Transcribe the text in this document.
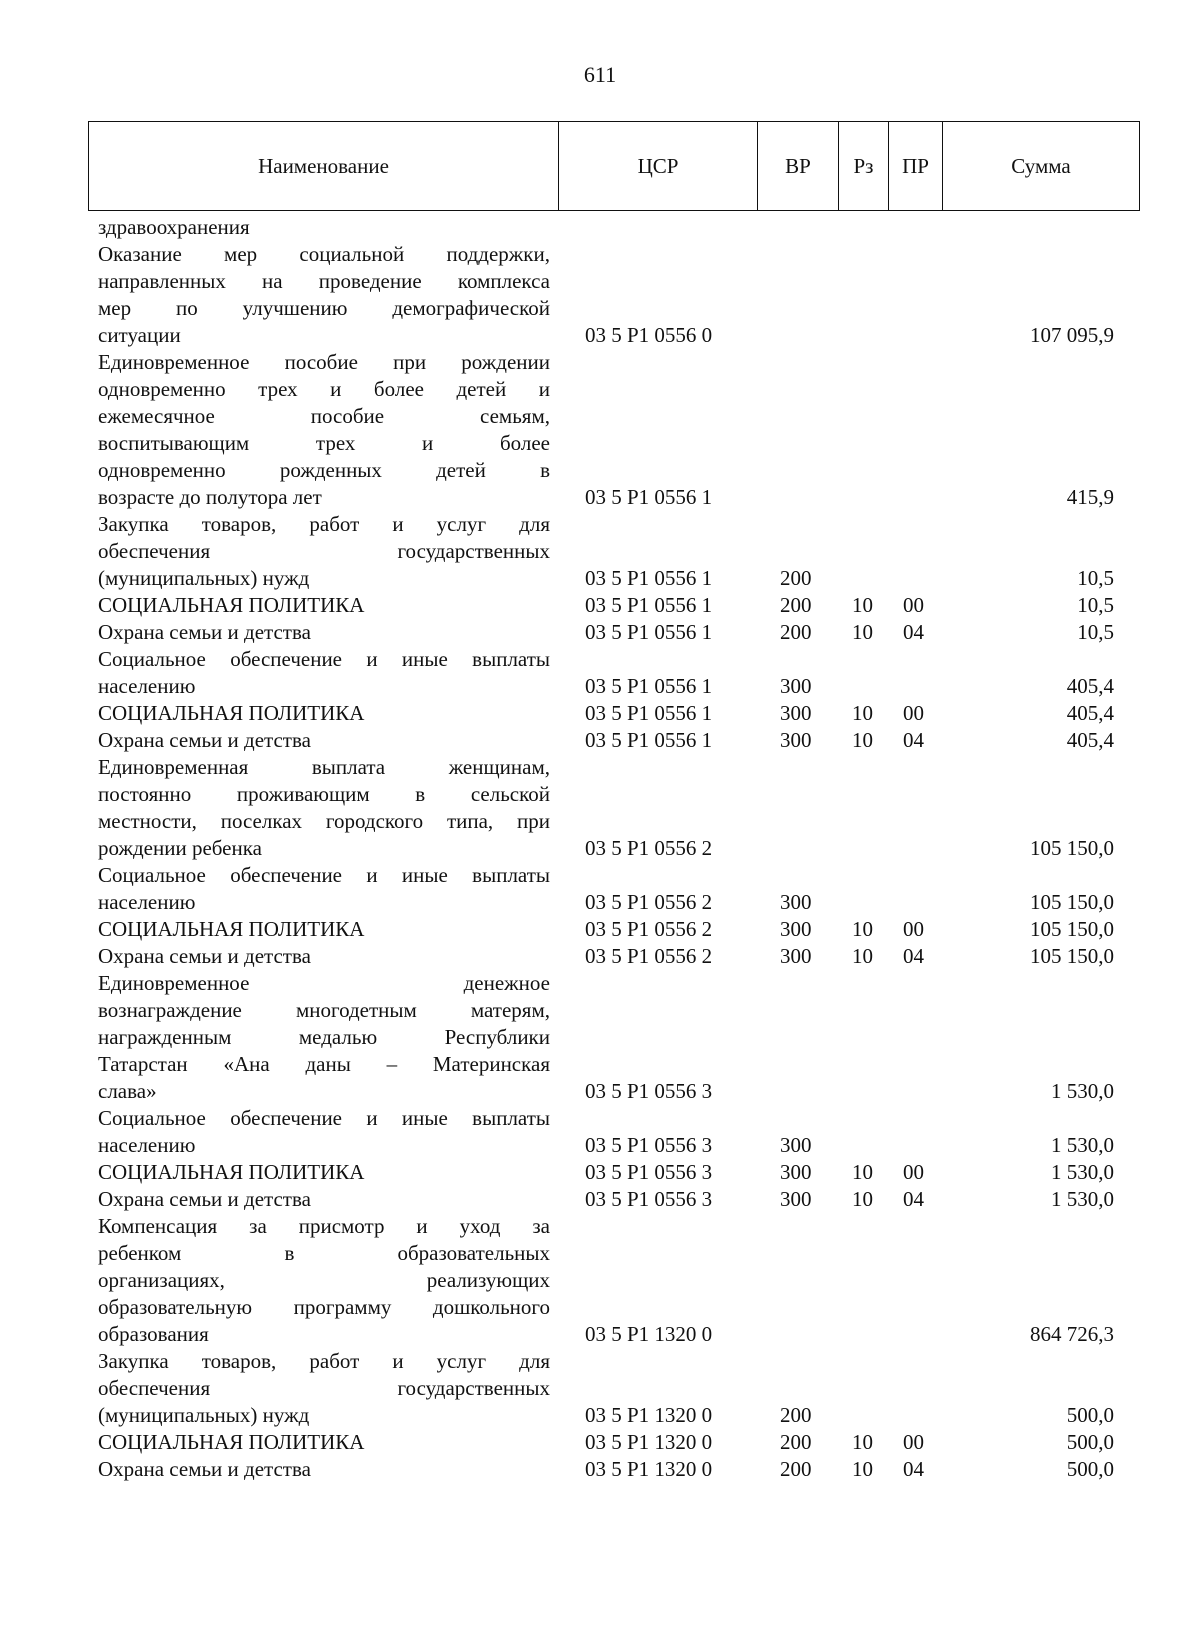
611
Наименование	ЦСР	ВР	Рз	ПР	Сумма
здравоохранения
Оказание мер социальной поддержки,
направленных на проведение комплекса
мер по улучшению демографической
ситуации	03 5 Р1 0556 0	107 095,9
Единовременное пособие при рождении
одновременно трех и более детей и
ежемесячное пособие семьям,
воспитывающим трех и более
одновременно рожденных детей в
возрасте до полутора лет	03 5 Р1 0556 1	415,9
Закупка товаров, работ и услуг для
обеспечения государственных
(муниципальных) нужд	03 5 Р1 0556 1	200	10,5
СОЦИАЛЬНАЯ ПОЛИТИКА	03 5 Р1 0556 1	200 10 00	10,5
Охрана семьи и детства	03 5 Р1 0556 1	200 10 04	10,5
Социальное обеспечение и иные выплаты
населению	03 5 Р1 0556 1	300	405,4
СОЦИАЛЬНАЯ ПОЛИТИКА	03 5 Р1 0556 1	300 10 00	405,4
Охрана семьи и детства	03 5 Р1 0556 1	300 10 04	405,4
Единовременная выплата женщинам,
постоянно проживающим в сельской
местности, поселках городского типа, при
рождении ребенка	03 5 Р1 0556 2	105 150,0
Социальное обеспечение и иные выплаты
населению	03 5 Р1 0556 2	300	105 150,0
СОЦИАЛЬНАЯ ПОЛИТИКА	03 5 Р1 0556 2	300 10 00	105 150,0
Охрана семьи и детства	03 5 Р1 0556 2	300 10 04	105 150,0
Единовременное денежное
вознаграждение многодетным матерям,
награжденным медалью Республики
Татарстан «Ана даны – Материнская
слава»	03 5 Р1 0556 3	1 530,0
Социальное обеспечение и иные выплаты
населению	03 5 Р1 0556 3	300	1 530,0
СОЦИАЛЬНАЯ ПОЛИТИКА	03 5 Р1 0556 3	300 10 00	1 530,0
Охрана семьи и детства	03 5 Р1 0556 3	300 10 04	1 530,0
Компенсация за присмотр и уход за
ребенком в образовательных
организациях, реализующих
образовательную программу дошкольного
образования	03 5 Р1 1320 0	864 726,3
Закупка товаров, работ и услуг для
обеспечения государственных
(муниципальных) нужд	03 5 Р1 1320 0	200	500,0
СОЦИАЛЬНАЯ ПОЛИТИКА	03 5 Р1 1320 0	200 10 00	500,0
Охрана семьи и детства	03 5 Р1 1320 0	200 10 04	500,0
